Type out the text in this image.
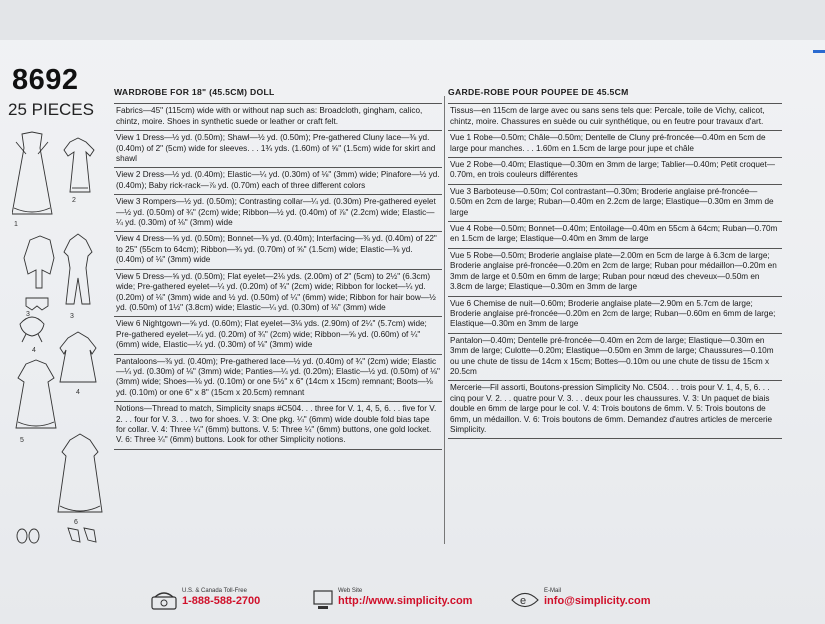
8692
25 PIECES
1
2
3	3
4
4
5
6
WARDROBE FOR 18" (45.5CM) DOLL
Fabrics—45" (115cm) wide with or without nap such as: Broadcloth, gingham, calico, chintz, moire. Shoes in synthetic suede or leather or craft felt.
View 1 Dress—½ yd. (0.50m); Shawl—½ yd. (0.50m); Pre-gathered Cluny lace—⅜ yd. (0.40m) of 2" (5cm) wide for sleeves. . . 1¾ yds. (1.60m) of ⅝" (1.5cm) wide for skirt and shawl
View 2 Dress—½ yd. (0.40m); Elastic—¼ yd. (0.30m) of ⅛" (3mm) wide; Pinafore—½ yd. (0.40m); Baby rick-rack—⅞ yd. (0.70m) each of three different colors
View 3 Rompers—½ yd. (0.50m); Contrasting collar—¼ yd. (0.30m) Pre-gathered eyelet—½ yd. (0.50m) of ¾" (2cm) wide; Ribbon—½ yd. (0.40m) of ⅞" (2.2cm) wide; Elastic—¼ yd. (0.30m) of ⅛" (3mm) wide
View 4 Dress—⅝ yd. (0.50m); Bonnet—⅜ yd. (0.40m); Interfacing—⅜ yd. (0.40m) of 22" to 25" (55cm to 64cm); Ribbon—¾ yd. (0.70m) of ⅝" (1.5cm) wide; Elastic—⅜ yd. (0.40m) of ⅛" (3mm) wide
View 5 Dress—⅝ yd. (0.50m); Flat eyelet—2⅛ yds. (2.00m) of 2" (5cm) to 2½" (6.3cm) wide; Pre-gathered eyelet—¼ yd. (0.20m) of ¾" (2cm) wide; Ribbon for locket—¼ yd. (0.20m) of ⅛" (3mm) wide and ½ yd. (0.50m) of ¼" (6mm) wide; Ribbon for hair bow—½ yd. (0.50m) of 1½" (3.8cm) wide; Elastic—¼ yd. (0.30m) of ⅛" (3mm) wide
View 6 Nightgown—⅝ yd. (0.60m); Flat eyelet—3⅛ yds. (2.90m) of 2¼" (5.7cm) wide; Pre-gathered eyelet—¼ yd. (0.20m) of ¾" (2cm) wide; Ribbon—⅝ yd. (0.60m) of ¼" (6mm) wide, Elastic—¼ yd. (0.30m) of ⅛" (3mm) wide
Pantaloons—⅜ yd. (0.40m); Pre-gathered lace—½ yd. (0.40m) of ¾" (2cm) wide; Elastic—¼ yd. (0.30m) of ⅛" (3mm) wide; Panties—¼ yd. (0.20m); Elastic—½ yd. (0.50m) of ⅛" (3mm) wide; Shoes—⅛ yd. (0.10m) or one 5½" x 6" (14cm x 15cm) remnant; Boots—⅛ yd. (0.10m) or one 6" x 8" (15cm x 20.5cm) remnant
Notions—Thread to match, Simplicity snaps #C504. . . three for V. 1, 4, 5, 6. . . five for V. 2. . . four for V. 3. . . two for shoes. V. 3: One pkg. ¼" (6mm) wide double fold bias tape for collar. V. 4: Three ¼" (6mm) buttons. V. 5: Three ¼" (6mm) buttons, one gold locket. V. 6: Three ¼" (6mm) buttons. Look for other Simplicity notions.
GARDE-ROBE POUR POUPEE DE 45.5CM
Tissus—en 115cm de large avec ou sans sens tels que: Percale, toile de Vichy, calicot, chintz, moire. Chassures en suède ou cuir synthétique, ou en feutre pour travaux d'art.
Vue 1 Robe—0.50m; Châle—0.50m; Dentelle de Cluny pré-froncée—0.40m en 5cm de large pour manches. . . 1.60m en 1.5cm de large pour jupe et châle
Vue 2 Robe—0.40m; Elastique—0.30m en 3mm de large; Tablier—0.40m; Petit croquet—0.70m, en trois couleurs différentes
Vue 3 Barboteuse—0.50m; Col contrastant—0.30m; Broderie anglaise pré-froncée—0.50m en 2cm de large; Ruban—0.40m en 2.2cm de large; Elastique—0.30m en 3mm de large
Vue 4 Robe—0.50m; Bonnet—0.40m; Entoilage—0.40m en 55cm à 64cm; Ruban—0.70m en 1.5cm de large; Elastique—0.40m en 3mm de large
Vue 5 Robe—0.50m; Broderie anglaise plate—2.00m en 5cm de large à 6.3cm de large; Broderie anglaise pré-froncée—0.20m en 2cm de large; Ruban pour médaillon—0.20m en 3mm de large et 0.50m en 6mm de large; Ruban pour nœud des cheveux—0.50m en 3.8cm de large; Elastique—0.30m en 3mm de large
Vue 6 Chemise de nuit—0.60m; Broderie anglaise plate—2.90m en 5.7cm de large; Broderie anglaise pré-froncée—0.20m en 2cm de large; Ruban—0.60m en 6mm de large; Elastique—0.30m en 3mm de large
Pantalon—0.40m; Dentelle pré-froncée—0.40m en 2cm de large; Elastique—0.30m en 3mm de large; Culotte—0.20m; Elastique—0.50m en 3mm de large; Chaussures—0.10m ou une chute de tissu de 14cm x 15cm; Bottes—0.10m ou une chute de tissu de 15cm x 20.5cm
Mercerie—Fil assorti, Boutons-pression Simplicity No. C504. . . trois pour V. 1, 4, 5, 6. . . cinq pour V. 2. . . quatre pour V. 3. . . deux pour les chaussures. V. 3: Un paquet de biais double en 6mm de large pour le col. V. 4: Trois boutons de 6mm. V. 5: Trois boutons de 6mm, un médaillon. V. 6: Trois boutons de 6mm. Demandez d'autres articles de mercerie Simplicity.
U.S. & Canada Toll-Free
1-888-588-2700
Web Site
http://www.simplicity.com	e
E-Mail
info@simplicity.com
